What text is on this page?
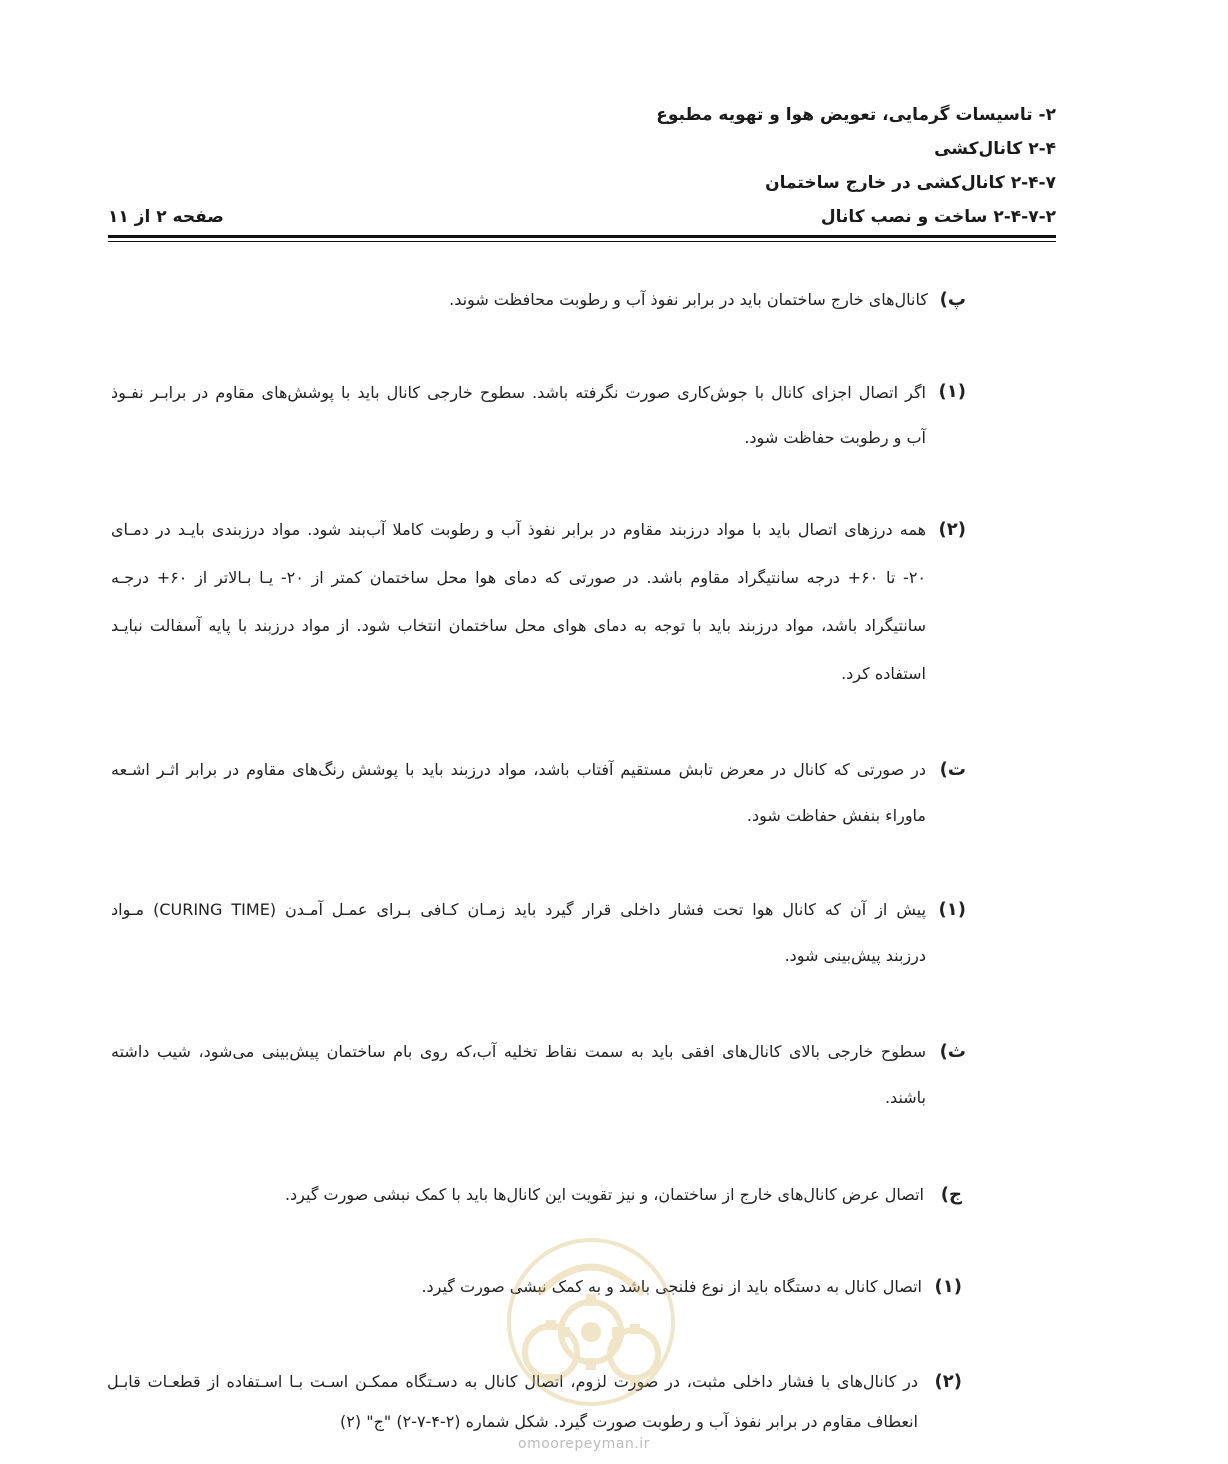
۲- تاسیسات گرمایی، تعویض هوا و تهویه مطبوع
۲-۴ کانال‌کشی
۲-۴-۷ کانال‌کشی در خارج ساختمان
۲-۴-۷-۲ ساخت و نصب کانال
صفحه ۲ از ۱۱
پ)
کانال‌های خارج ساختمان باید در برابر نفوذ آب و رطوبت محافظت شوند.
(۱)
اگر اتصال اجزای کانال با جوش‌کاری صورت نگرفته باشد. سطوح خارجی کانال باید با پوشش‌های مقاوم در برابـر نفـوذ
آب و رطوبت حفاظت شود.
(۲)
همه درزهای اتصال باید با مواد درزبند مقاوم در برابر نفوذ آب و رطوبت کاملا آب‌بند شود. مواد درزبندی بایـد در دمـای
۲۰- تا ۶۰+ درجه سانتیگراد مقاوم باشد. در صورتی که دمای هوا محل ساختمان کمتر از ۲۰- یـا بـالاتر از ۶۰+ درجـه
سانتیگراد باشد، مواد درزبند باید با توجه به دمای هوای محل ساختمان انتخاب شود. از مواد درزبند با پایه آسفالت نبایـد
استفاده کرد.
ت)
در صورتی که کانال در معرض تابش مستقیم آفتاب باشد، مواد درزبند باید با پوشش رنگ‌های مقاوم در برابر اثـر اشـعه
ماوراء بنفش حفاظت شود.
(۱)
پیش از آن که کانال هوا تحت فشار داخلی قرار گیرد باید زمـان کـافی بـرای عمـل آمـدن (CURING TIME) مـواد
درزبند پیش‌بینی شود.
ث)
سطوح خارجی بالای کانال‌های افقی باید به سمت نقاط تخلیه آب،که روی بام ساختمان پیش‌بینی می‌شود، شیب داشته
باشند.
ج)
اتصال عرض کانال‌های خارج از ساختمان، و نیز تقویت این کانال‌ها باید با کمک نبشی صورت گیرد.
(۱)
اتصال کانال به دستگاه باید از نوع فلنجی باشد و به کمک نبشی صورت گیرد.
(۲)
در کانال‌های با فشار داخلی مثبت، در صورت لزوم، اتصال کانال به دسـتگاه ممکـن اسـت بـا اسـتفاده از قطعـات قابـل
انعطاف مقاوم در برابر نفوذ آب و رطوبت صورت گیرد. شکل شماره (۲-۴-۷-۲) "ج" (۲)
omoorepeyman.ir
